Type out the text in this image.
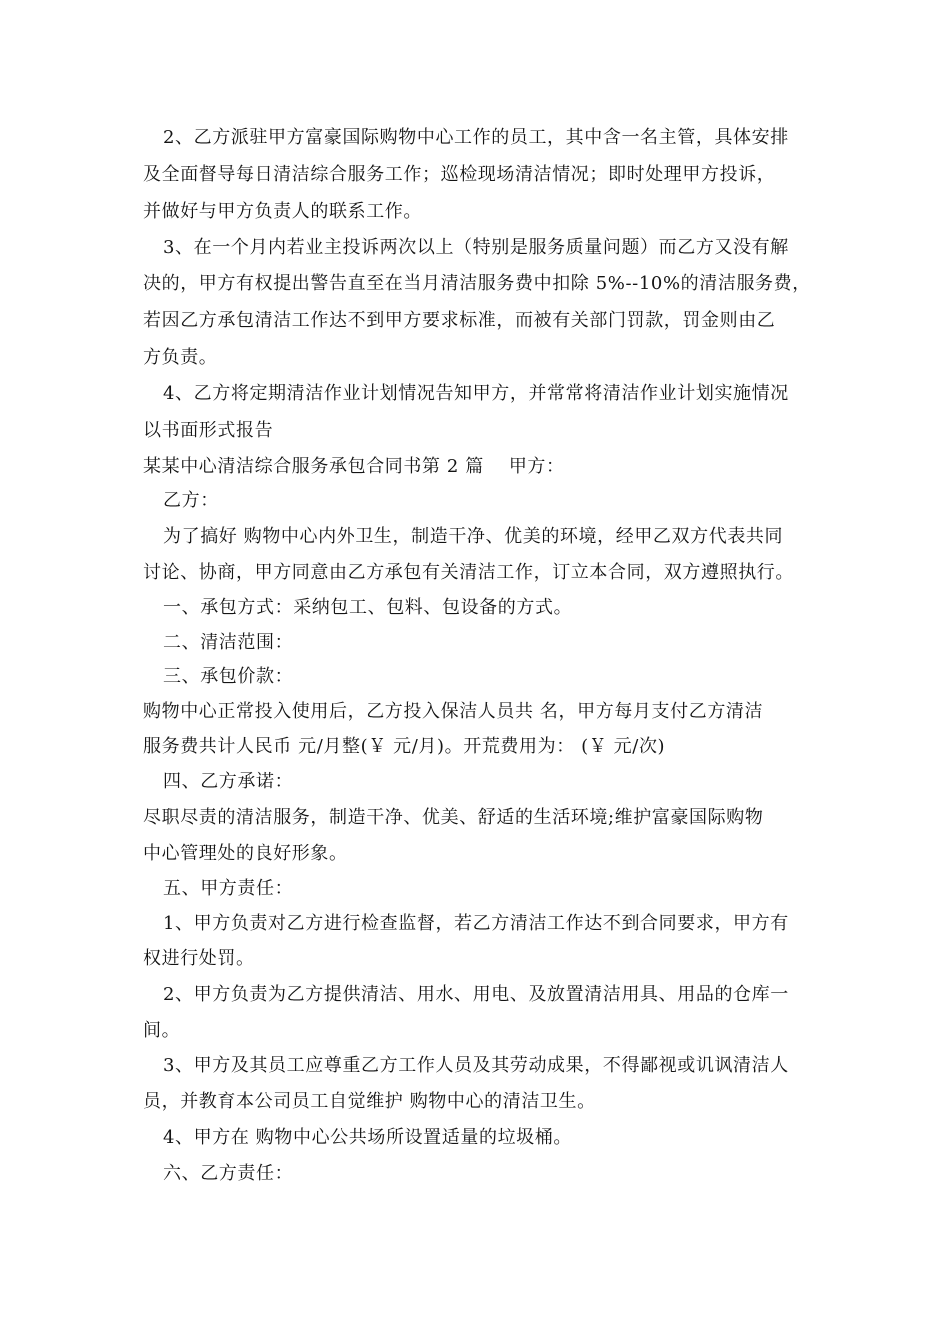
2、乙方派驻甲方富豪国际购物中心工作的员工，其中含一名主管，具体安排
及全面督导每日清洁综合服务工作；巡检现场清洁情况；即时处理甲方投诉，
并做好与甲方负责人的联系工作。
3、在一个月内若业主投诉两次以上（特别是服务质量问题）而乙方又没有解
决的，甲方有权提出警告直至在当月清洁服务费中扣除 5%--10%的清洁服务费，
若因乙方承包清洁工作达不到甲方要求标准，而被有关部门罚款，罚金则由乙
方负责。
4、乙方将定期清洁作业计划情况告知甲方，并常常将清洁作业计划实施情况
以书面形式报告
某某中心清洁综合服务承包合同书第 2 篇　 甲方：
乙方：
为了搞好 购物中心内外卫生，制造干净、优美的环境，经甲乙双方代表共同
讨论、协商，甲方同意由乙方承包有关清洁工作，订立本合同，双方遵照执行。
一、承包方式：采纳包工、包料、包设备的方式。
二、清洁范围：
三、承包价款：
购物中心正常投入使用后，乙方投入保洁人员共 名，甲方每月支付乙方清洁
服务费共计人民币 元/月整(￥ 元/月)。开荒费用为： (￥ 元/次)
四、乙方承诺：
尽职尽责的清洁服务，制造干净、优美、舒适的生活环境;维护富豪国际购物
中心管理处的良好形象。
五、甲方责任：
1、甲方负责对乙方进行检查监督，若乙方清洁工作达不到合同要求，甲方有
权进行处罚。
2、甲方负责为乙方提供清洁、用水、用电、及放置清洁用具、用品的仓库一
间。
3、甲方及其员工应尊重乙方工作人员及其劳动成果，不得鄙视或讥讽清洁人
员，并教育本公司员工自觉维护 购物中心的清洁卫生。
4、甲方在 购物中心公共场所设置适量的垃圾桶。
六、乙方责任：
